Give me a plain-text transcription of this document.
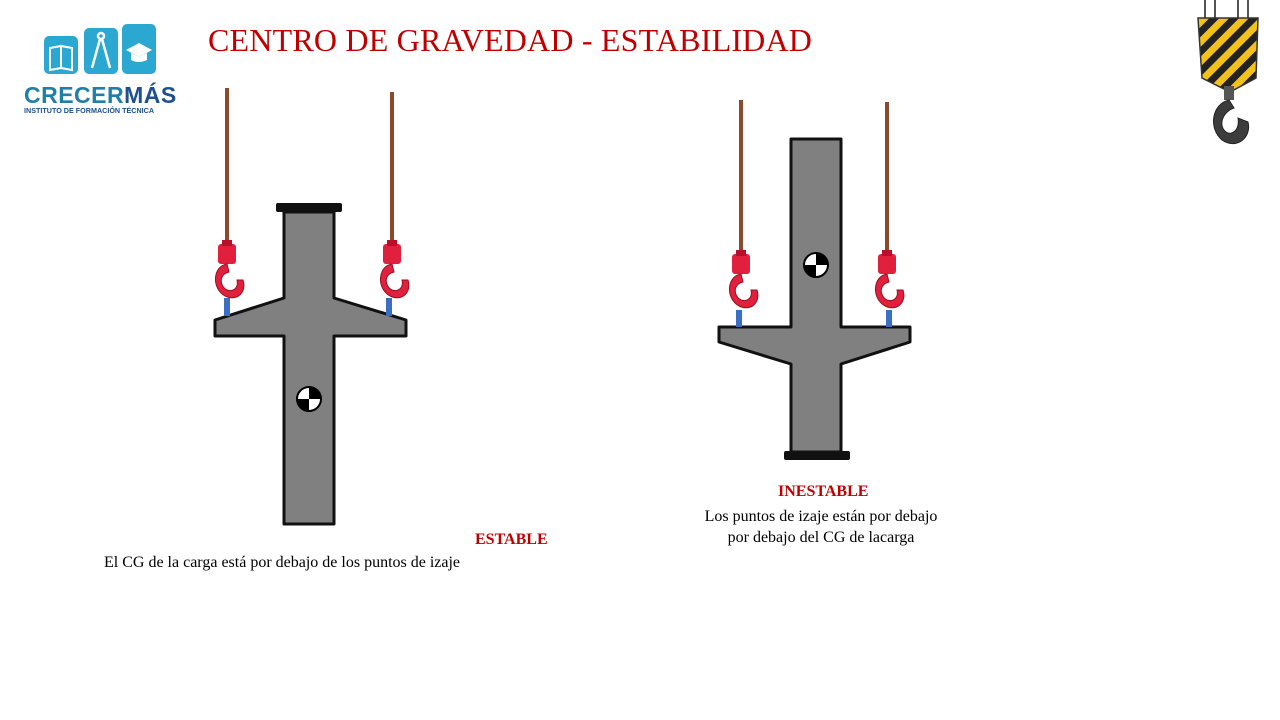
CRECERMÁS
INSTITUTO DE FORMACIÓN TÉCNICA
CENTRO DE GRAVEDAD - ESTABILIDAD
ESTABLE
El CG de la carga está por debajo de los puntos de izaje
INESTABLE
Los puntos de izaje están por debajo por debajo del CG de lacarga
